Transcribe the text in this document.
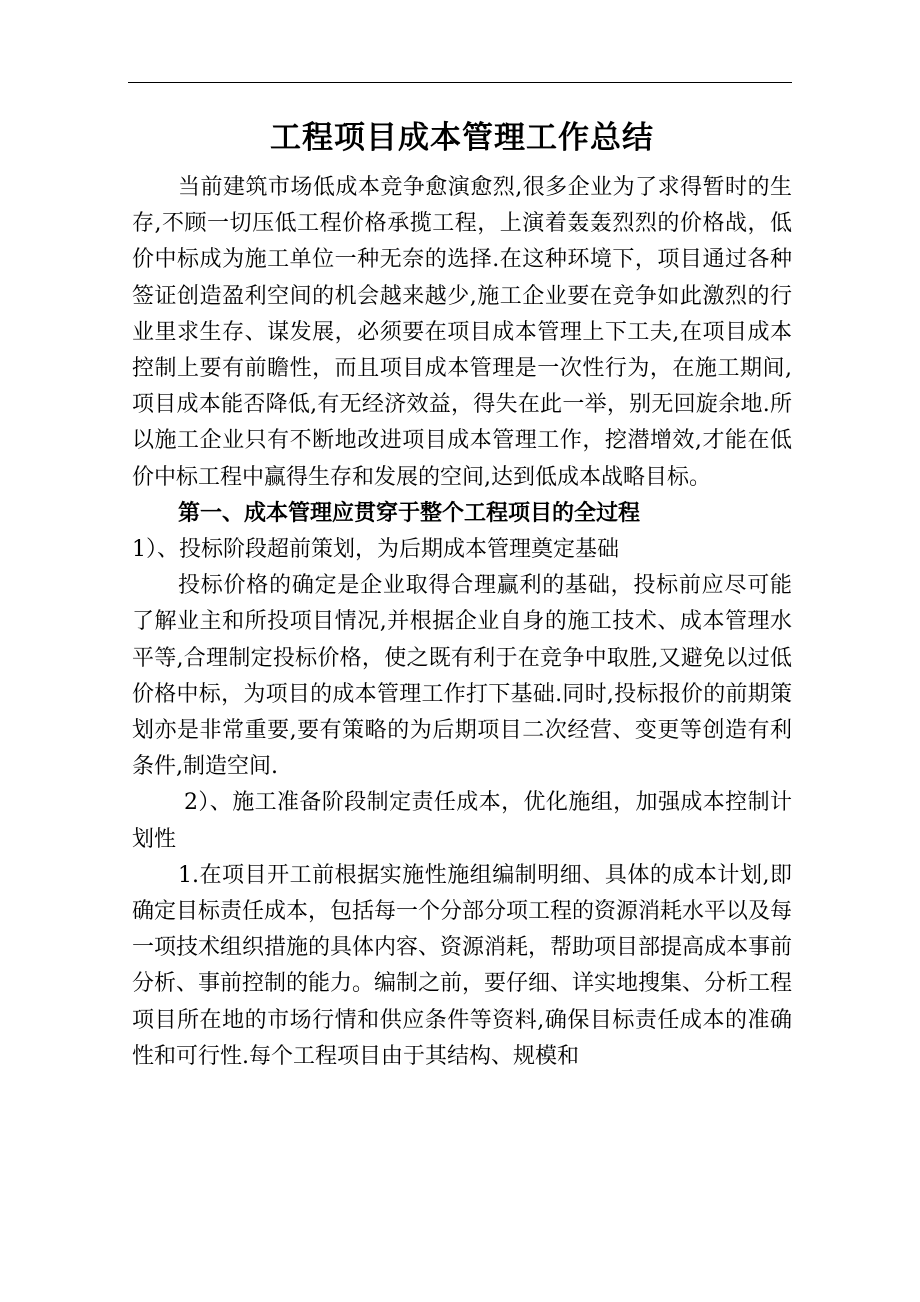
工程项目成本管理工作总结

当前建筑市场低成本竞争愈演愈烈,很多企业为了求得暂时的生存,不顾一切压低工程价格承揽工程，上演着轰轰烈烈的价格战，低价中标成为施工单位一种无奈的选择.在这种环境下，项目通过各种签证创造盈利空间的机会越来越少,施工企业要在竞争如此激烈的行业里求生存、谋发展，必须要在项目成本管理上下工夫,在项目成本控制上要有前瞻性，而且项目成本管理是一次性行为，在施工期间,项目成本能否降低,有无经济效益，得失在此一举，别无回旋余地.所以施工企业只有不断地改进项目成本管理工作，挖潜增效,才能在低价中标工程中赢得生存和发展的空间,达到低成本战略目标。

第一、成本管理应贯穿于整个工程项目的全过程

1）、投标阶段超前策划，为后期成本管理奠定基础

投标价格的确定是企业取得合理赢利的基础，投标前应尽可能了解业主和所投项目情况,并根据企业自身的施工技术、成本管理水平等,合理制定投标价格，使之既有利于在竞争中取胜,又避免以过低价格中标，为项目的成本管理工作打下基础.同时,投标报价的前期策划亦是非常重要,要有策略的为后期项目二次经营、变更等创造有利条件,制造空间.

2）、施工准备阶段制定责任成本，优化施组，加强成本控制计划性

1.在项目开工前根据实施性施组编制明细、具体的成本计划,即确定目标责任成本，包括每一个分部分项工程的资源消耗水平以及每一项技术组织措施的具体内容、资源消耗，帮助项目部提高成本事前分析、事前控制的能力。编制之前，要仔细、详实地搜集、分析工程项目所在地的市场行情和供应条件等资料,确保目标责任成本的准确性和可行性.每个工程项目由于其结构、规模和
